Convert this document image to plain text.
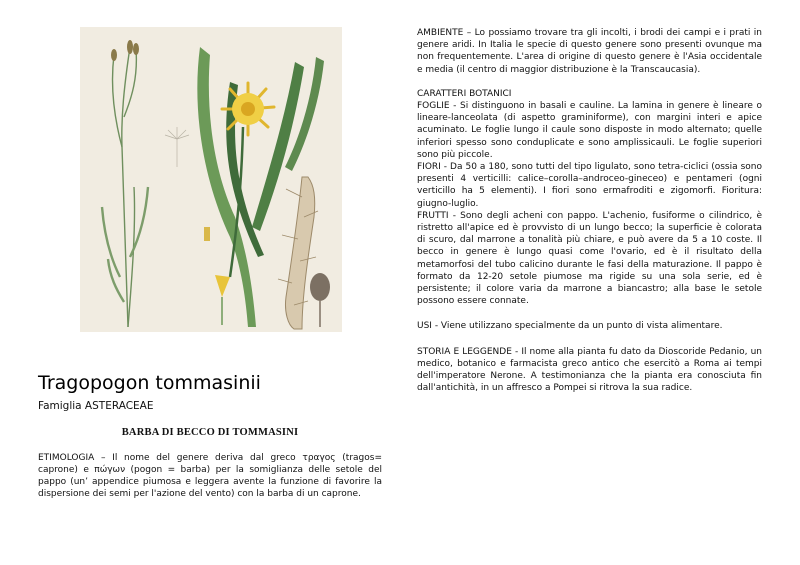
Tragopogon tommasinii
Famiglia ASTERACEAE
BARBA DI BECCO DI TOMMASINI
ETIMOLOGIA – Il nome del genere deriva dal greco τραγος (tragos= caprone) e πώγων (pogon = barba) per la somiglianza delle setole del pappo (un’ appendice piumosa e leggera avente la funzione di favorire la dispersione dei semi per l'azione del vento) con la barba di un caprone.

AMBIENTE – Lo possiamo trovare tra gli incolti, i brodi dei campi e i prati in genere aridi. In Italia le specie di questo genere sono presenti ovunque ma non frequentemente. L'area di origine di questo genere è l'Asia occidentale e media (il centro di maggior distribuzione è la Transcaucasia).

CARATTERI BOTANICI

FOGLIE - Si distinguono in basali e cauline. La lamina in genere è lineare o lineare-lanceolata (di aspetto graminiforme), con margini interi e apice acuminato. Le foglie lungo il caule sono disposte in modo alternato; quelle inferiori spesso sono conduplicate e sono amplissicauli. Le foglie superiori sono più piccole.

FIORI - Da 50 a 180, sono tutti del tipo ligulato, sono tetra-ciclici (ossia sono presenti 4 verticilli: calice–corolla–androceo-gineceo) e pentameri (ogni verticillo ha 5 elementi). I fiori sono ermafroditi e zigomorfi. Fioritura: giugno-luglio.

FRUTTI - Sono degli acheni con pappo. L'achenio, fusiforme o cilindrico, è ristretto all'apice ed è provvisto di un lungo becco; la superficie è colorata di scuro, dal marrone a tonalità più chiare, e può avere da 5 a 10 coste. Il becco in genere è lungo quasi come l'ovario, ed è il risultato della metamorfosi del tubo calicino durante le fasi della maturazione. Il pappo è formato da 12-20 setole piumose ma rigide su una sola serie, ed è persistente; il colore varia da marrone a biancastro; alla base le setole possono essere connate.

USI - Viene utilizzano specialmente da un punto di vista alimentare.

STORIA E LEGGENDE - Il nome alla pianta fu dato da Dioscoride Pedanio, un medico, botanico e farmacista greco antico che esercitò a Roma ai tempi dell'imperatore Nerone. A testimonianza che la pianta era conosciuta fin dall'antichità, in un affresco a Pompei si ritrova la sua radice.
